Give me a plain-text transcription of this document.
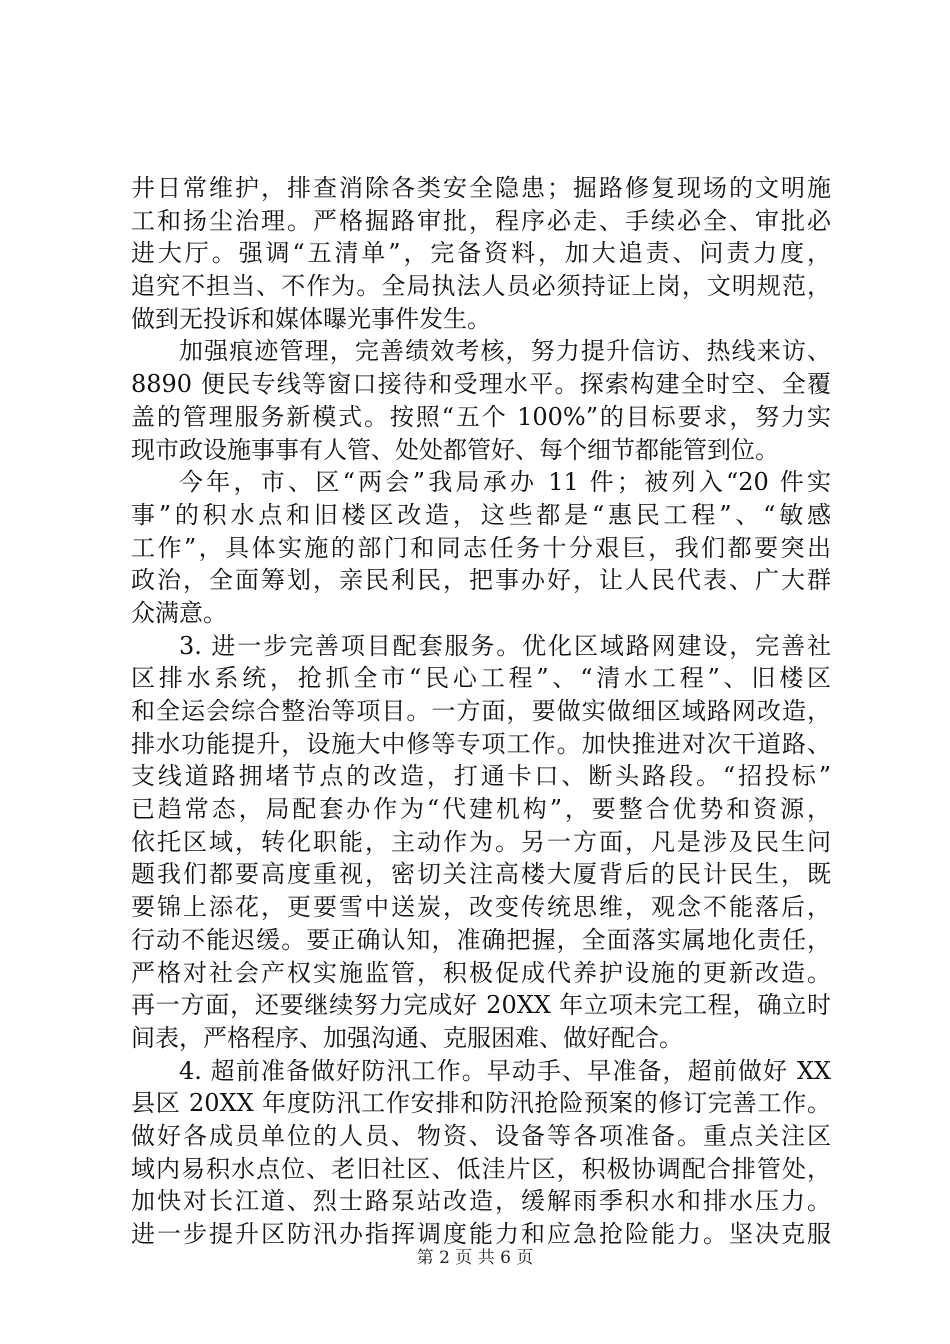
井日常维护，排查消除各类安全隐患；掘路修复现场的文明施
工和扬尘治理。严格掘路审批，程序必走、手续必全、审批必
进大厅。强调“五清单”，完备资料，加大追责、问责力度，
追究不担当、不作为。全局执法人员必须持证上岗，文明规范，
做到无投诉和媒体曝光事件发生。
加强痕迹管理，完善绩效考核，努力提升信访、热线来访、
8890 便民专线等窗口接待和受理水平。探索构建全时空、全覆
盖的管理服务新模式。按照“五个 100%”的目标要求，努力实
现市政设施事事有人管、处处都管好、每个细节都能管到位。
今年，市、区“两会”我局承办 11 件；被列入“20 件实
事”的积水点和旧楼区改造，这些都是“惠民工程”、“敏感
工作”，具体实施的部门和同志任务十分艰巨，我们都要突出
政治，全面筹划，亲民利民，把事办好，让人民代表、广大群
众满意。
3. 进一步完善项目配套服务。优化区域路网建设，完善社
区排水系统，抢抓全市“民心工程”、“清水工程”、旧楼区
和全运会综合整治等项目。一方面，要做实做细区域路网改造，
排水功能提升，设施大中修等专项工作。加快推进对次干道路、
支线道路拥堵节点的改造，打通卡口、断头路段。“招投标”
已趋常态，局配套办作为“代建机构”，要整合优势和资源，
依托区域，转化职能，主动作为。另一方面，凡是涉及民生问
题我们都要高度重视，密切关注高楼大厦背后的民计民生，既
要锦上添花，更要雪中送炭，改变传统思维，观念不能落后，
行动不能迟缓。要正确认知，准确把握，全面落实属地化责任，
严格对社会产权实施监管，积极促成代养护设施的更新改造。
再一方面，还要继续努力完成好 20XX 年立项未完工程，确立时
间表，严格程序、加强沟通、克服困难、做好配合。
4. 超前准备做好防汛工作。早动手、早准备，超前做好 XX
县区 20XX 年度防汛工作安排和防汛抢险预案的修订完善工作。
做好各成员单位的人员、物资、设备等各项准备。重点关注区
域内易积水点位、老旧社区、低洼片区，积极协调配合排管处，
加快对长江道、烈士路泵站改造，缓解雨季积水和排水压力。
进一步提升区防汛办指挥调度能力和应急抢险能力。坚决克服
第 2 页 共 6 页
